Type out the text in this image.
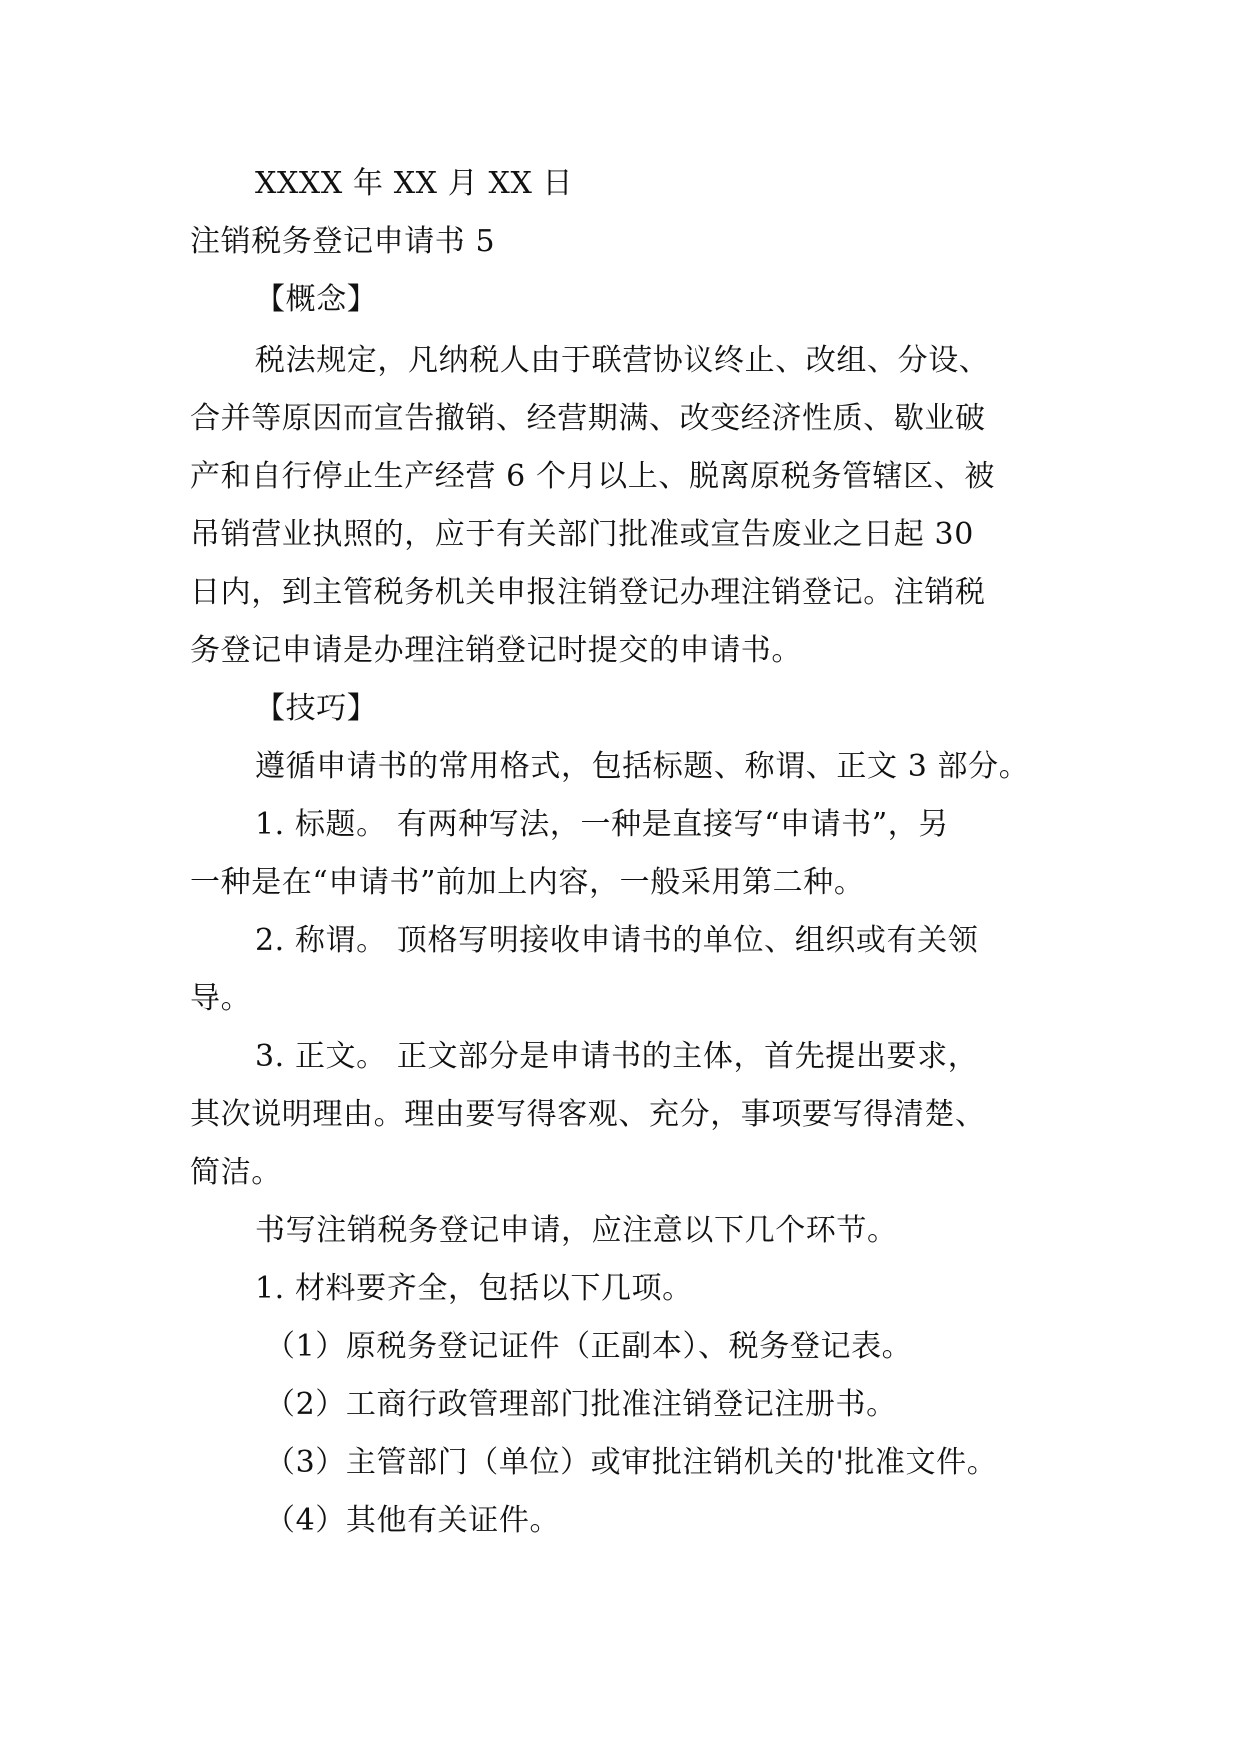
XXXX 年 XX 月 XX 日
注销税务登记申请书 5
【概念】
税法规定，凡纳税人由于联营协议终止、改组、分设、
合并等原因而宣告撤销、经营期满、改变经济性质、歇业破
产和自行停止生产经营 6 个月以上、脱离原税务管辖区、被
吊销营业执照的，应于有关部门批准或宣告废业之日起 30
日内，到主管税务机关申报注销登记办理注销登记。注销税
务登记申请是办理注销登记时提交的申请书。
【技巧】
遵循申请书的常用格式，包括标题、称谓、正文 3 部分。
1. 标题。 有两种写法，一种是直接写“申请书”，另
一种是在“申请书”前加上内容，一般采用第二种。
2. 称谓。 顶格写明接收申请书的单位、组织或有关领
导。
3. 正文。 正文部分是申请书的主体，首先提出要求，
其次说明理由。理由要写得客观、充分，事项要写得清楚、
简洁。
书写注销税务登记申请，应注意以下几个环节。
1. 材料要齐全，包括以下几项。
（1）原税务登记证件（正副本）、税务登记表。
（2）工商行政管理部门批准注销登记注册书。
（3）主管部门（单位）或审批注销机关的'批准文件。
（4）其他有关证件。
